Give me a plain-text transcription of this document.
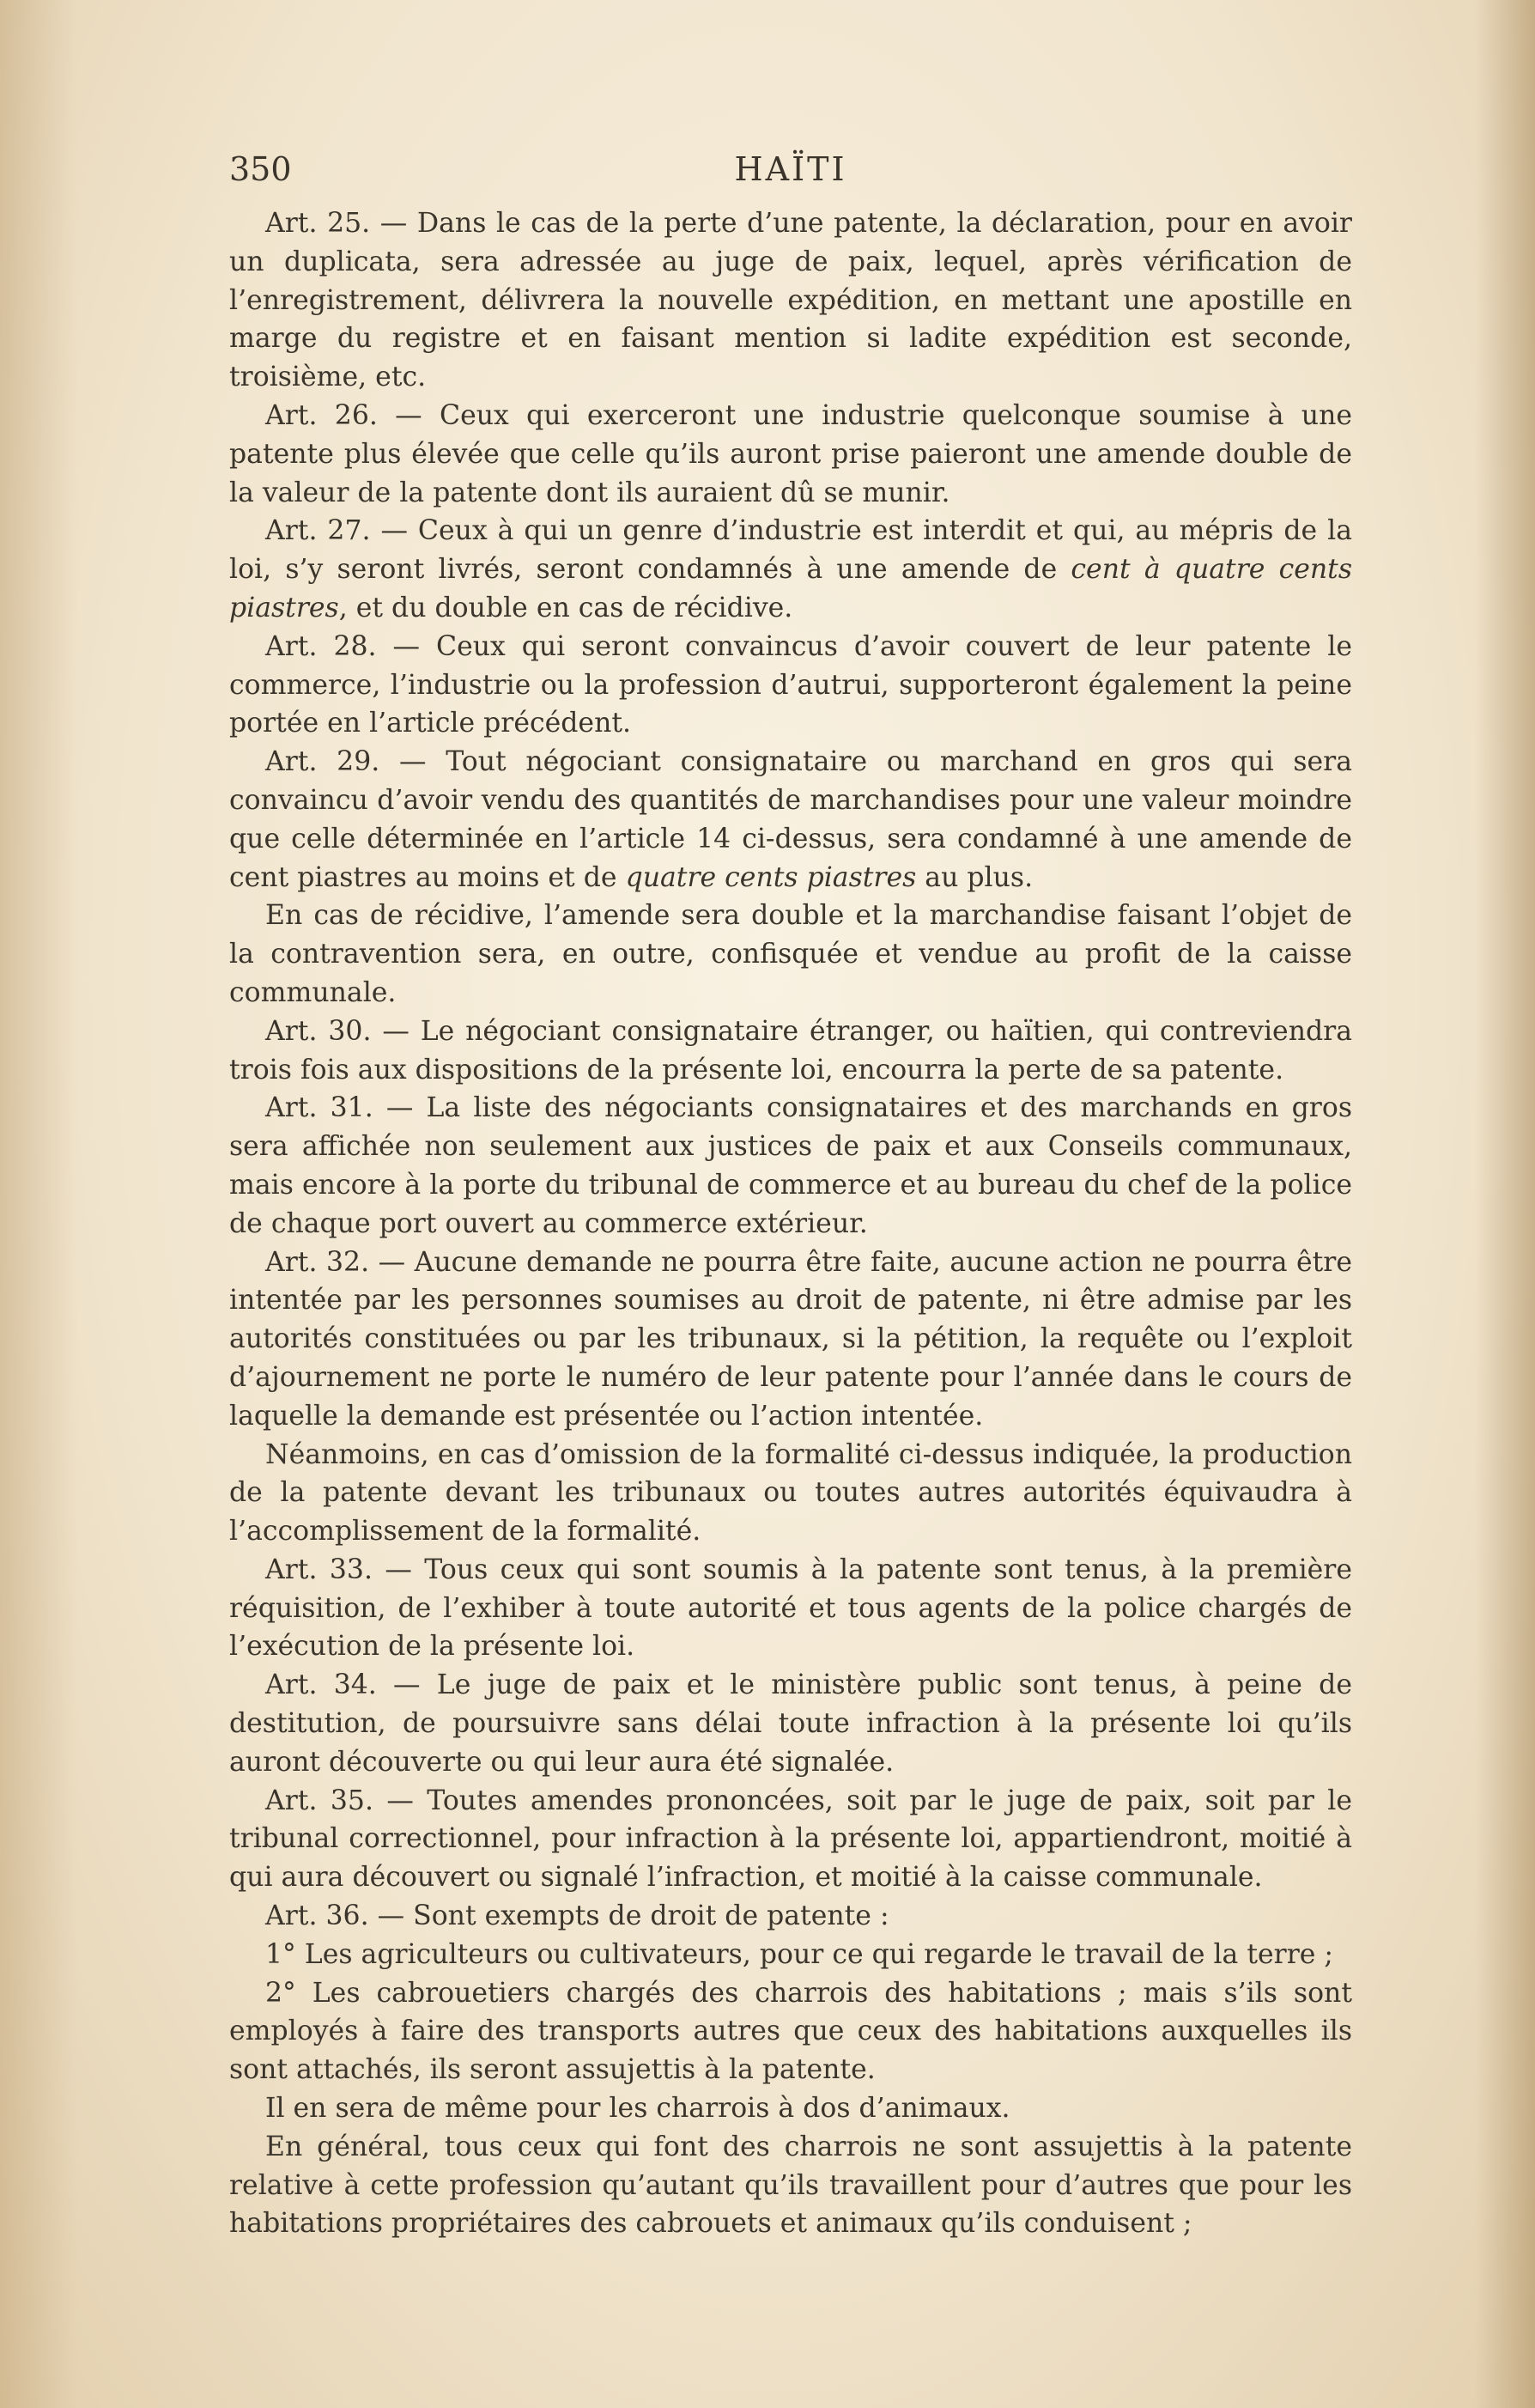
350	HAÏTI

Art. 25. — Dans le cas de la perte d’une patente, la déclaration, pour en avoir un duplicata, sera adressée au juge de paix, lequel, après vérification de l’enregistrement, délivrera la nouvelle expédition, en mettant une apostille en marge du registre et en faisant mention si ladite expédition est seconde, troisième, etc.

Art. 26. — Ceux qui exerceront une industrie quelconque soumise à une patente plus élevée que celle qu’ils auront prise paieront une amende double de la valeur de la patente dont ils auraient dû se munir.

Art. 27. — Ceux à qui un genre d’industrie est interdit et qui, au mépris de la loi, s’y seront livrés, seront condamnés à une amende de cent à quatre cents piastres, et du double en cas de récidive.

Art. 28. — Ceux qui seront convaincus d’avoir couvert de leur patente le commerce, l’industrie ou la profession d’autrui, supporteront également la peine portée en l’article précédent.

Art. 29. — Tout négociant consignataire ou marchand en gros qui sera convaincu d’avoir vendu des quantités de marchandises pour une valeur moindre que celle déterminée en l’article 14 ci-dessus, sera condamné à une amende de cent piastres au moins et de quatre cents piastres au plus.

En cas de récidive, l’amende sera double et la marchandise faisant l’objet de la contravention sera, en outre, confisquée et vendue au profit de la caisse communale.

Art. 30. — Le négociant consignataire étranger, ou haïtien, qui contreviendra trois fois aux dispositions de la présente loi, encourra la perte de sa patente.

Art. 31. — La liste des négociants consignataires et des marchands en gros sera affichée non seulement aux justices de paix et aux Conseils communaux, mais encore à la porte du tribunal de commerce et au bureau du chef de la police de chaque port ouvert au commerce extérieur.

Art. 32. — Aucune demande ne pourra être faite, aucune action ne pourra être intentée par les personnes soumises au droit de patente, ni être admise par les autorités constituées ou par les tribunaux, si la pétition, la requête ou l’exploit d’ajournement ne porte le numéro de leur patente pour l’année dans le cours de laquelle la demande est présentée ou l’action intentée.

Néanmoins, en cas d’omission de la formalité ci-dessus indiquée, la production de la patente devant les tribunaux ou toutes autres autorités équivaudra à l’accomplissement de la formalité.

Art. 33. — Tous ceux qui sont soumis à la patente sont tenus, à la première réquisition, de l’exhiber à toute autorité et tous agents de la police chargés de l’exécution de la présente loi.

Art. 34. — Le juge de paix et le ministère public sont tenus, à peine de destitution, de poursuivre sans délai toute infraction à la présente loi qu’ils auront découverte ou qui leur aura été signalée.

Art. 35. — Toutes amendes prononcées, soit par le juge de paix, soit par le tribunal correctionnel, pour infraction à la présente loi, appartiendront, moitié à qui aura découvert ou signalé l’infraction, et moitié à la caisse communale.

Art. 36. — Sont exempts de droit de patente :

1° Les agriculteurs ou cultivateurs, pour ce qui regarde le travail de la terre ;

2° Les cabrouetiers chargés des charrois des habitations ; mais s’ils sont employés à faire des transports autres que ceux des habitations auxquelles ils sont attachés, ils seront assujettis à la patente.

Il en sera de même pour les charrois à dos d’animaux.

En général, tous ceux qui font des charrois ne sont assujettis à la patente relative à cette profession qu’autant qu’ils travaillent pour d’autres que pour les habitations propriétaires des cabrouets et animaux qu’ils conduisent ;
